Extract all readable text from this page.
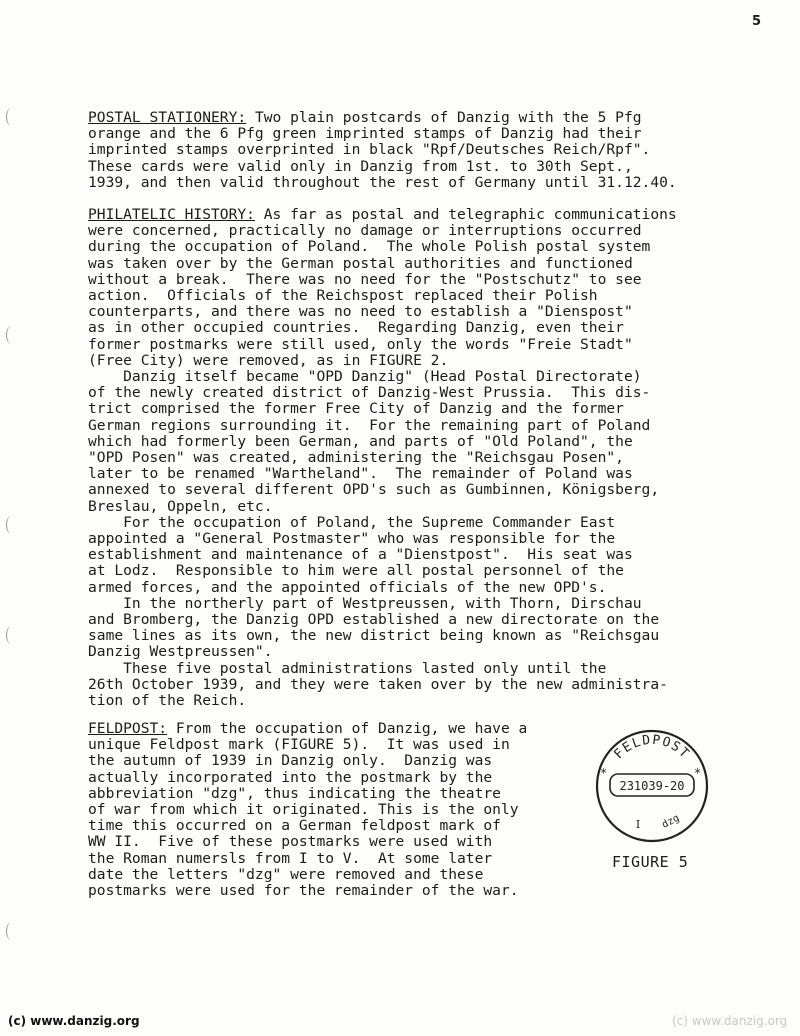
5
POSTAL STATIONERY: Two plain postcards of Danzig with the 5 Pfg
orange and the 6 Pfg green imprinted stamps of Danzig had their
imprinted stamps overprinted in black "Rpf/Deutsches Reich/Rpf".
These cards were valid only in Danzig from 1st. to 30th Sept.,
1939, and then valid throughout the rest of Germany until 31.12.40.
PHILATELIC HISTORY: As far as postal and telegraphic communications
were concerned, practically no damage or interruptions occurred
during the occupation of Poland.  The whole Polish postal system
was taken over by the German postal authorities and functioned
without a break.  There was no need for the "Postschutz" to see
action.  Officials of the Reichspost replaced their Polish
counterparts, and there was no need to establish a "Dienspost"
as in other occupied countries.  Regarding Danzig, even their
former postmarks were still used, only the words "Freie Stadt"
(Free City) were removed, as in FIGURE 2.
Danzig itself became "OPD Danzig" (Head Postal Directorate)
of the newly created district of Danzig-West Prussia.  This dis-
trict comprised the former Free City of Danzig and the former
German regions surrounding it.  For the remaining part of Poland
which had formerly been German, and parts of "Old Poland", the
"OPD Posen" was created, administering the "Reichsgau Posen",
later to be renamed "Wartheland".  The remainder of Poland was
annexed to several different OPD's such as Gumbinnen, Königsberg,
Breslau, Oppeln, etc.
For the occupation of Poland, the Supreme Commander East
appointed a "General Postmaster" who was responsible for the
establishment and maintenance of a "Dienstpost".  His seat was
at Lodz.  Responsible to him were all postal personnel of the
armed forces, and the appointed officials of the new OPD's.
In the northerly part of Westpreussen, with Thorn, Dirschau
and Bromberg, the Danzig OPD established a new directorate on the
same lines as its own, the new district being known as "Reichsgau
Danzig Westpreussen".
These five postal administrations lasted only until the
26th October 1939, and they were taken over by the new administra-
tion of the Reich.
FELDPOST: From the occupation of Danzig, we have a
unique Feldpost mark (FIGURE 5).  It was used in
the autumn of 1939 in Danzig only.  Danzig was
actually incorporated into the postmark by the
abbreviation "dzg", thus indicating the theatre
of war from which it originated. This is the only
time this occurred on a German feldpost mark of
WW II.  Five of these postmarks were used with
the Roman numersls from I to V.  At some later
date the letters "dzg" were removed and these
postmarks were used for the remainder of the war.
FELDPOST
*	*
231039-20
I dzg
FIGURE 5
(c) www.danzig.org	(c) www.danzig.org
